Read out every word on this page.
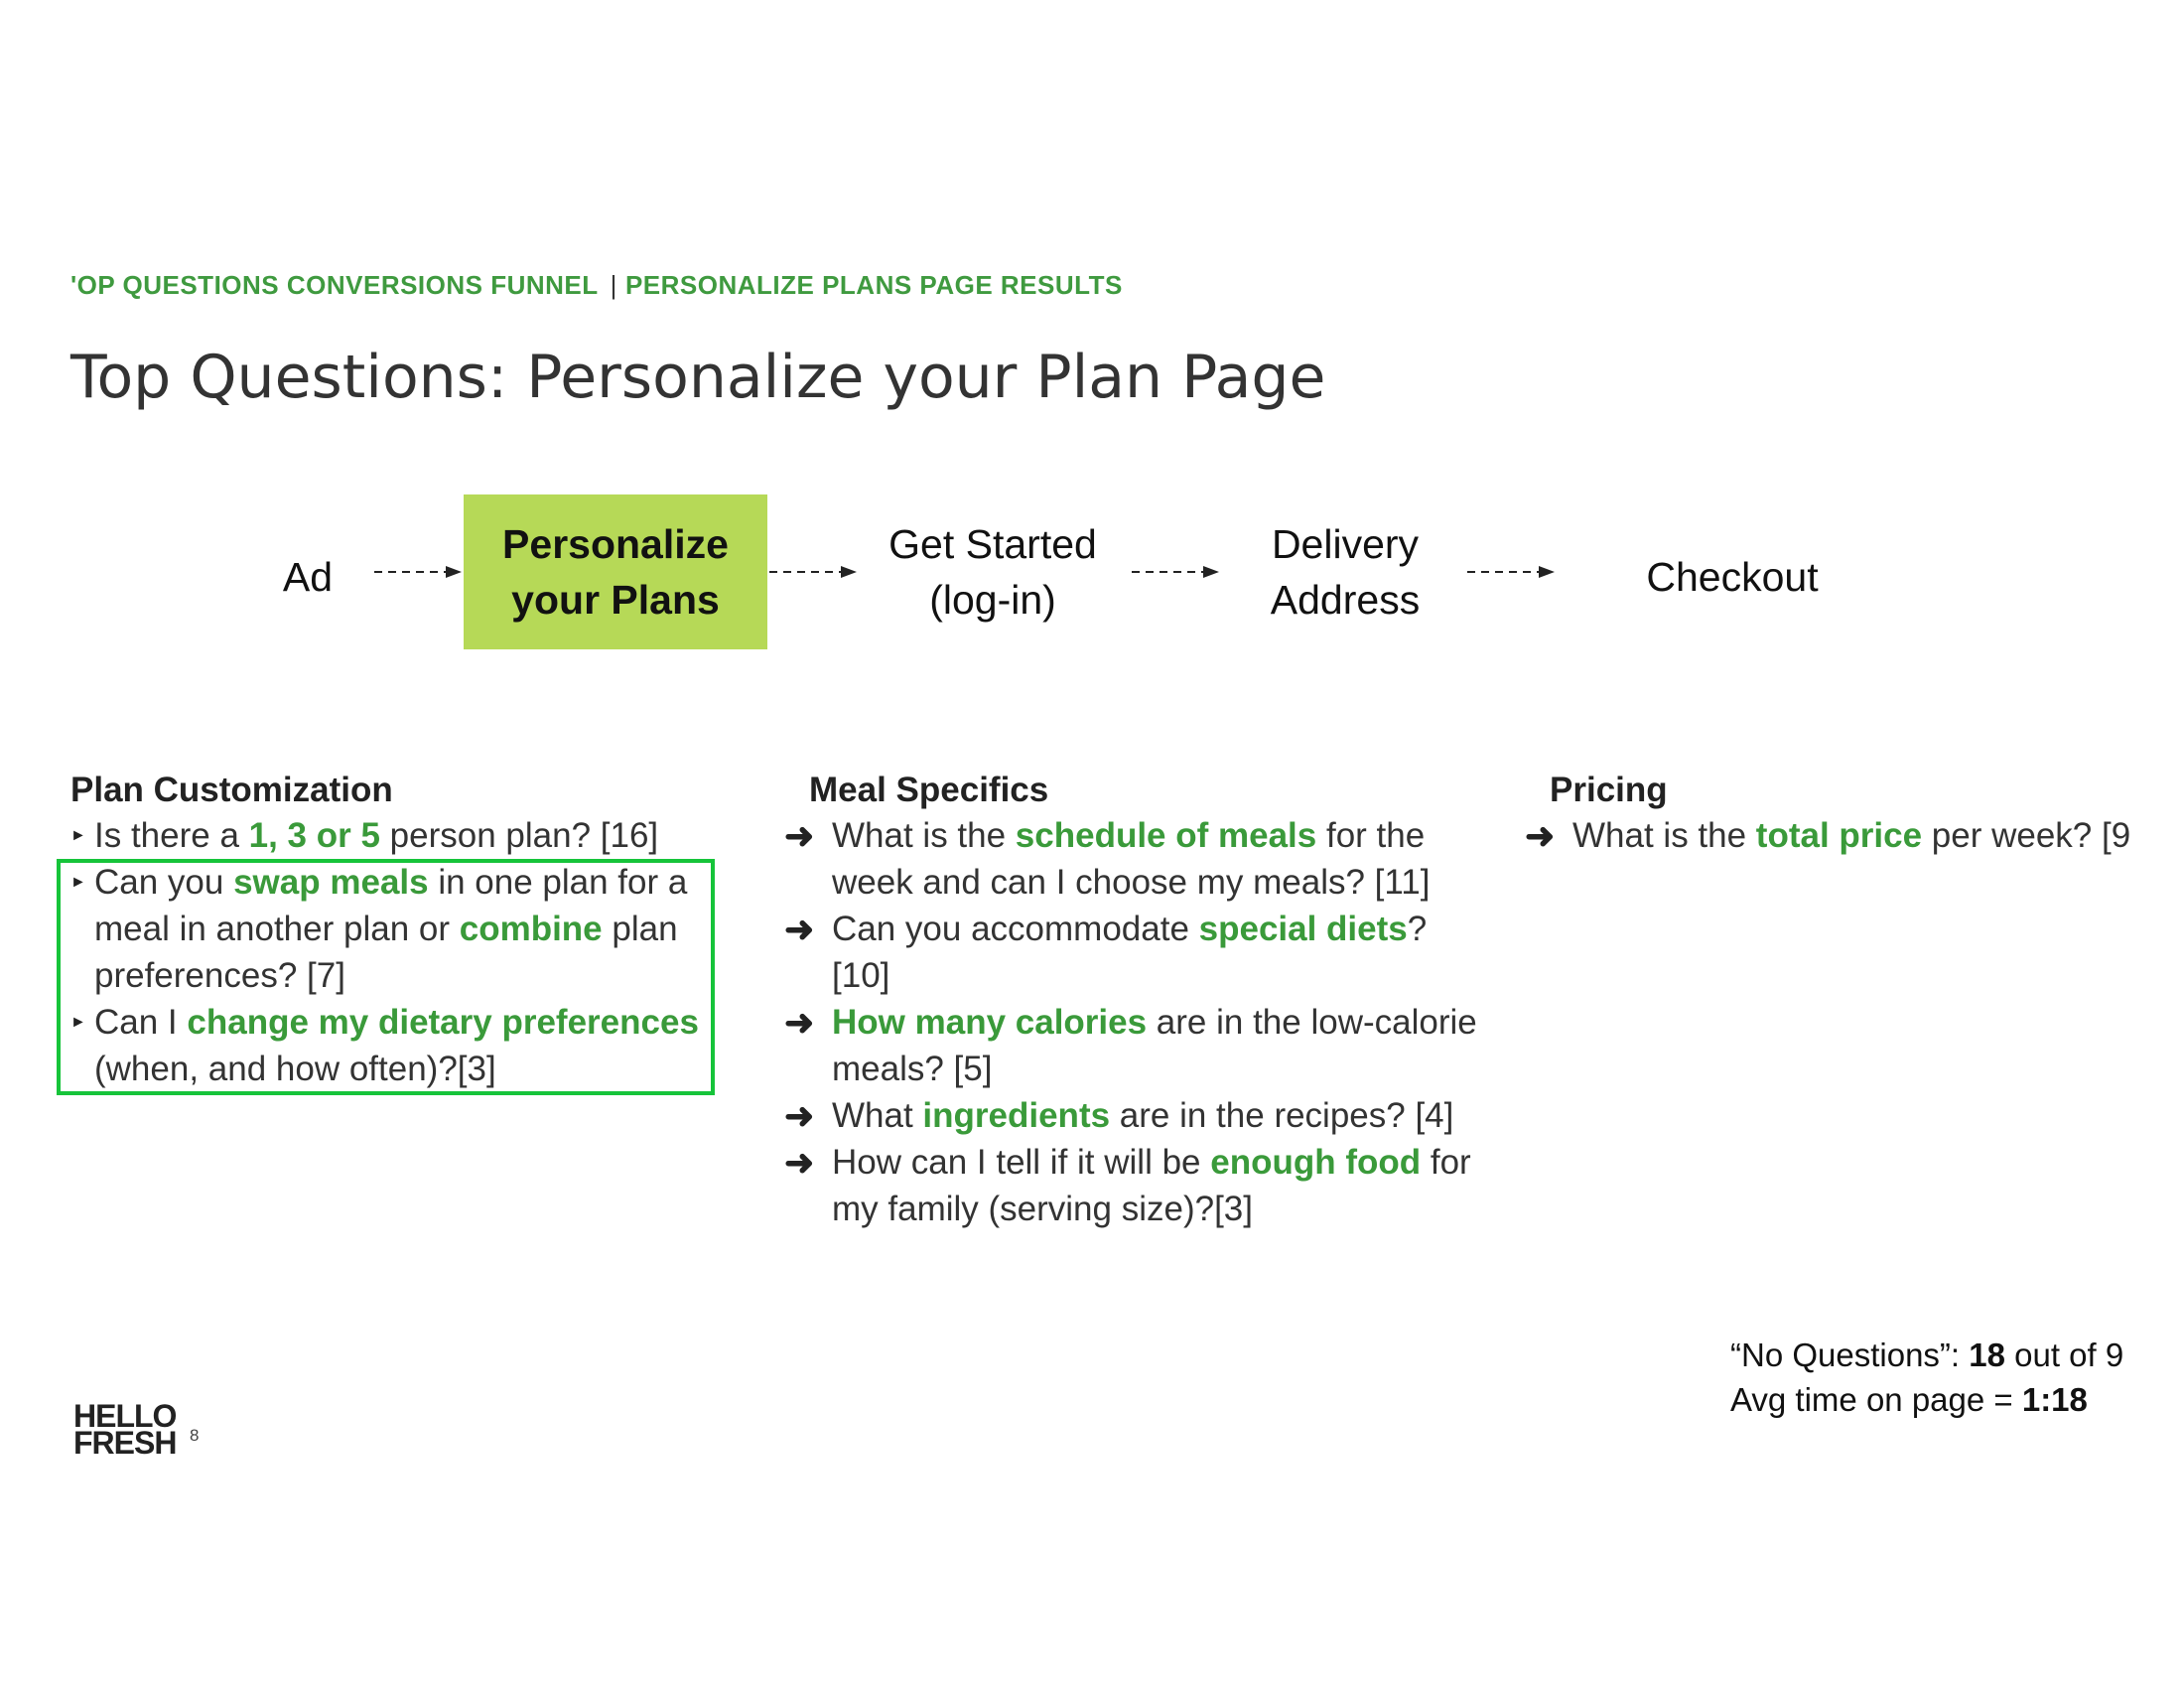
'OP QUESTIONS CONVERSIONS FUNNEL | PERSONALIZE PLANS PAGE RESULTS
Top Questions: Personalize your Plan Page
Ad
Personalize
your Plans
Get Started
(log-in)
Delivery
Address	Checkout
Plan Customization
► Is there a 1, 3 or 5 person plan? [16]
► Can you swap meals in one plan for a meal in another plan or combine plan preferences? [7]
► Can I change my dietary preferences (when, and how often)?[3]
Meal Specifics
➜ What is the schedule of meals for the week and can I choose my meals? [11]
➜ Can you accommodate special diets? [10]
➜ How many calories are in the low-calorie meals? [5]
➜ What ingredients are in the recipes? [4]
➜ How can I tell if it will be enough food for my family (serving size)?[3]
Pricing
➜ What is the total price per week? [9
“No Questions”: 18 out of 9
Avg time on page = 1:18
HELLO
FRESH 8
